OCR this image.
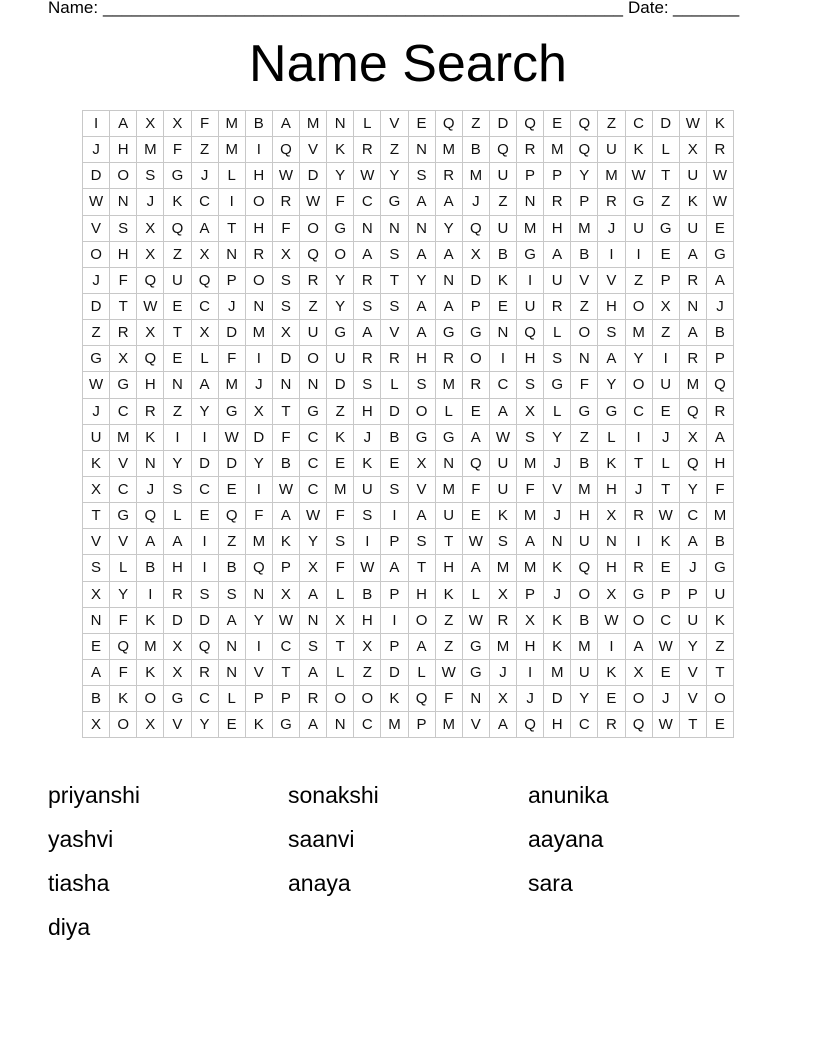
Name: _______________________________________________________ Date: _______
Name Search
I	A	X	X	F	M	B	A	M	N	L	V	E	Q	Z	D	Q	E	Q	Z	C	D	W	K
J	H	M	F	Z	M	I	Q	V	K	R	Z	N	M	B	Q	R	M	Q	U	K	L	X	R
D	O	S	G	J	L	H	W	D	Y	W	Y	S	R	M	U	P	P	Y	M	W	T	U	W
W	N	J	K	C	I	O	R	W	F	C	G	A	A	J	Z	N	R	P	R	G	Z	K	W
V	S	X	Q	A	T	H	F	O	G	N	N	N	Y	Q	U	M	H	M	J	U	G	U	E
O	H	X	Z	X	N	R	X	Q	O	A	S	A	A	X	B	G	A	B	I	I	E	A	G
J	F	Q	U	Q	P	O	S	R	Y	R	T	Y	N	D	K	I	U	V	V	Z	P	R	A
D	T	W	E	C	J	N	S	Z	Y	S	S	A	A	P	E	U	R	Z	H	O	X	N	J
Z	R	X	T	X	D	M	X	U	G	A	V	A	G	G	N	Q	L	O	S	M	Z	A	B
G	X	Q	E	L	F	I	D	O	U	R	R	H	R	O	I	H	S	N	A	Y	I	R	P
W	G	H	N	A	M	J	N	N	D	S	L	S	M	R	C	S	G	F	Y	O	U	M	Q
J	C	R	Z	Y	G	X	T	G	Z	H	D	O	L	E	A	X	L	G	G	C	E	Q	R
U	M	K	I	I	W	D	F	C	K	J	B	G	G	A	W	S	Y	Z	L	I	J	X	A
K	V	N	Y	D	D	Y	B	C	E	K	E	X	N	Q	U	M	J	B	K	T	L	Q	H
X	C	J	S	C	E	I	W	C	M	U	S	V	M	F	U	F	V	M	H	J	T	Y	F
T	G	Q	L	E	Q	F	A	W	F	S	I	A	U	E	K	M	J	H	X	R	W	C	M
V	V	A	A	I	Z	M	K	Y	S	I	P	S	T	W	S	A	N	U	N	I	K	A	B
S	L	B	H	I	B	Q	P	X	F	W	A	T	H	A	M	M	K	Q	H	R	E	J	G
X	Y	I	R	S	S	N	X	A	L	B	P	H	K	L	X	P	J	O	X	G	P	P	U
N	F	K	D	D	A	Y	W	N	X	H	I	O	Z	W	R	X	K	B	W	O	C	U	K
E	Q	M	X	Q	N	I	C	S	T	X	P	A	Z	G	M	H	K	M	I	A	W	Y	Z
A	F	K	X	R	N	V	T	A	L	Z	D	L	W	G	J	I	M	U	K	X	E	V	T
B	K	O	G	C	L	P	P	R	O	O	K	Q	F	N	X	J	D	Y	E	O	J	V	O
X	O	X	V	Y	E	K	G	A	N	C	M	P	M	V	A	Q	H	C	R	Q	W	T	E
priyanshi	sonakshi	anunika
yashvi	saanvi	aayana
tiasha	anaya	sara
diya
